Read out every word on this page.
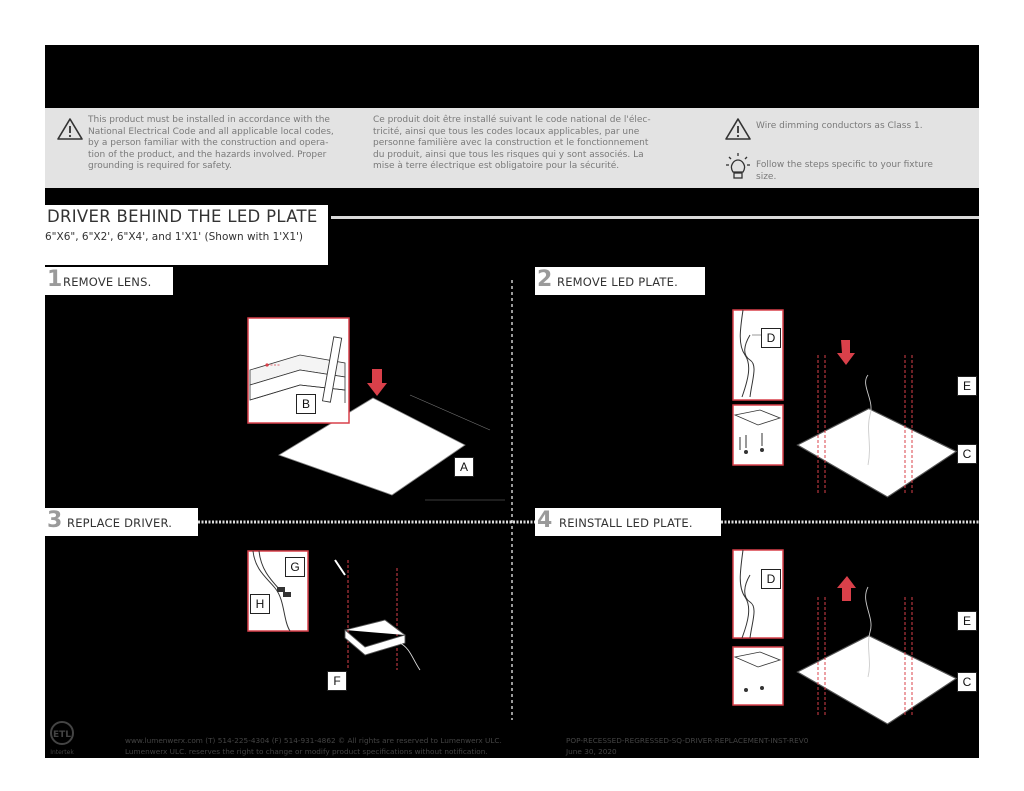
This product must be installed in accordance with the
National Electrical Code and all applicable local codes,
by a person familiar with the construction and opera-
tion of the product, and the hazards involved. Proper
grounding is required for safety.
Ce produit doit être installé suivant le code national de l'élec-
tricité, ainsi que tous les codes locaux applicables, par une
personne familière avec la construction et le fonctionnement
du produit, ainsi que tous les risques qui y sont associés. La
mise à terre électrique est obligatoire pour la sécurité.
Wire dimming conductors as Class 1.
Follow the steps specific to your fixture
size.
DRIVER BEHIND THE LED PLATE
6"X6", 6"X2', 6"X4', and 1'X1' (Shown with 1'X1')
1 REMOVE LENS.	2 REMOVE LED PLATE.
3 REPLACE DRIVER.	4 REINSTALL LED PLATE.
A
B
D
E
C
G
H
F
D
E
C
ETL
Intertek
www.lumenwerx.com (T) 514-225-4304 (F) 514-931-4862 © All rights are reserved to Lumenwerx ULC.
Lumenwerx ULC. reserves the right to change or modify product specifications without notification.
POP-RECESSED-REGRESSED-SQ-DRIVER-REPLACEMENT-INST-REV0
June 30, 2020
